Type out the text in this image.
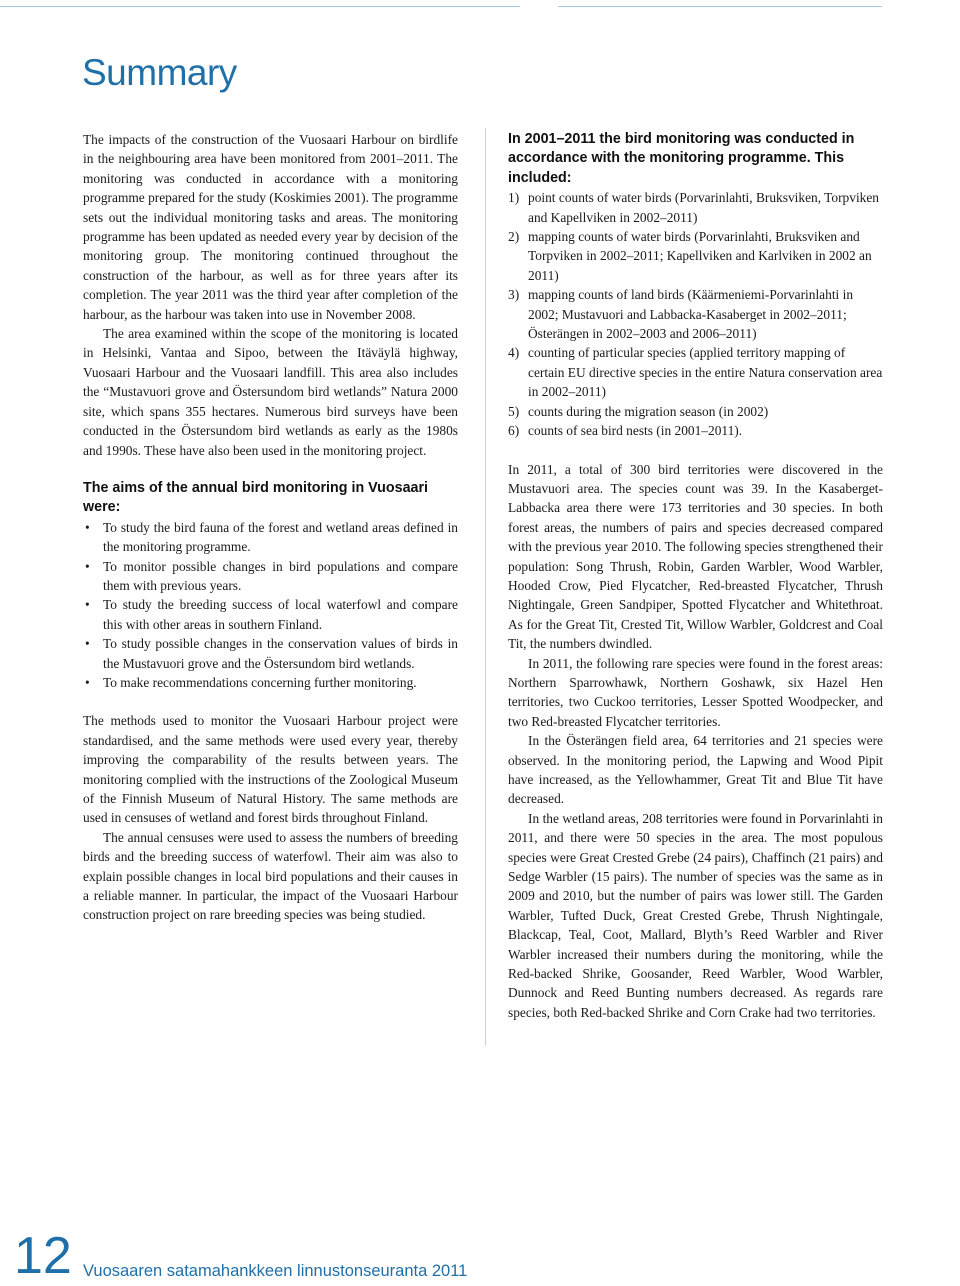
Summary

The impacts of the construction of the Vuosaari Harbour on birdlife in the neighbouring area have been monitored from 2001–2011. The monitoring was conducted in accordance with a monitoring programme prepared for the study (Koskimies 2001). The programme sets out the individual monitoring tasks and areas. The monitoring programme has been updated as needed every year by decision of the monitoring group. The monitoring continued throughout the construction of the harbour, as well as for three years after its completion. The year 2011 was the third year after completion of the harbour, as the harbour was taken into use in November 2008.

The area examined within the scope of the monitoring is located in Helsinki, Vantaa and Sipoo, between the Itäväylä highway, Vuosaari Harbour and the Vuosaari landfill. This area also includes the “Mustavuori grove and Östersundom bird wetlands” Natura 2000 site, which spans 355 hectares. Numerous bird surveys have been conducted in the Östersundom bird wetlands as early as the 1980s and 1990s. These have also been used in the monitoring project.

The aims of the annual bird monitoring in Vuosaari were:
• To study the bird fauna of the forest and wetland areas defined in the monitoring programme.
• To monitor possible changes in bird populations and compare them with previous years.
• To study the breeding success of local waterfowl and compare this with other areas in southern Finland.
• To study possible changes in the conservation values of birds in the Mustavuori grove and the Östersundom bird wetlands.
• To make recommendations concerning further monitoring.

The methods used to monitor the Vuosaari Harbour project were standardised, and the same methods were used every year, thereby improving the comparability of the results between years. The monitoring complied with the instructions of the Zoological Museum of the Finnish Museum of Natural History. The same methods are used in censuses of wetland and forest birds throughout Finland.

The annual censuses were used to assess the numbers of breeding birds and the breeding success of waterfowl. Their aim was also to explain possible changes in local bird populations and their causes in a reliable manner. In particular, the impact of the Vuosaari Harbour construction project on rare breeding species was being studied.

In 2001–2011 the bird monitoring was conducted in accordance with the monitoring programme. This included:
1) point counts of water birds (Porvarinlahti, Bruksviken, Torpviken and Kapellviken in 2002–2011)
2) mapping counts of water birds (Porvarinlahti, Bruksviken and Torpviken in 2002–2011; Kapellviken and Karlviken in 2002 an 2011)
3) mapping counts of land birds (Käärmeniemi-Porvarinlahti in 2002; Mustavuori and Labbacka-Kasaberget in 2002–2011; Österängen in 2002–2003 and 2006–2011)
4) counting of particular species (applied territory mapping of certain EU directive species in the entire Natura conservation area in 2002–2011)
5) counts during the migration season (in 2002)
6) counts of sea bird nests (in 2001–2011).

In 2011, a total of 300 bird territories were discovered in the Mustavuori area. The species count was 39. In the Kasaberget-Labbacka area there were 173 territories and 30 species. In both forest areas, the numbers of pairs and species decreased compared with the previous year 2010. The following species strengthened their population: Song Thrush, Robin, Garden Warbler, Wood Warbler, Hooded Crow, Pied Flycatcher, Red-breasted Flycatcher, Thrush Nightingale, Green Sandpiper, Spotted Flycatcher and Whitethroat. As for the Great Tit, Crested Tit, Willow Warbler, Goldcrest and Coal Tit, the numbers dwindled.

In 2011, the following rare species were found in the forest areas: Northern Sparrowhawk, Northern Goshawk, six Hazel Hen territories, two Cuckoo territories, Lesser Spotted Woodpecker, and two Red-breasted Flycatcher territories.

In the Österängen field area, 64 territories and 21 species were observed. In the monitoring period, the Lapwing and Wood Pipit have increased, as the Yellowhammer, Great Tit and Blue Tit have decreased.

In the wetland areas, 208 territories were found in Porvarinlahti in 2011, and there were 50 species in the area. The most populous species were Great Crested Grebe (24 pairs), Chaffinch (21 pairs) and Sedge Warbler (15 pairs). The number of species was the same as in 2009 and 2010, but the number of pairs was lower still. The Garden Warbler, Tufted Duck, Great Crested Grebe, Thrush Nightingale, Blackcap, Teal, Coot, Mallard, Blyth’s Reed Warbler and River Warbler increased their numbers during the monitoring, while the Red-backed Shrike, Goosander, Reed Warbler, Wood Warbler, Dunnock and Reed Bunting numbers decreased. As regards rare species, both Red-backed Shrike and Corn Crake had two territories.

12 Vuosaaren satamahankkeen linnustonseuranta 2011
